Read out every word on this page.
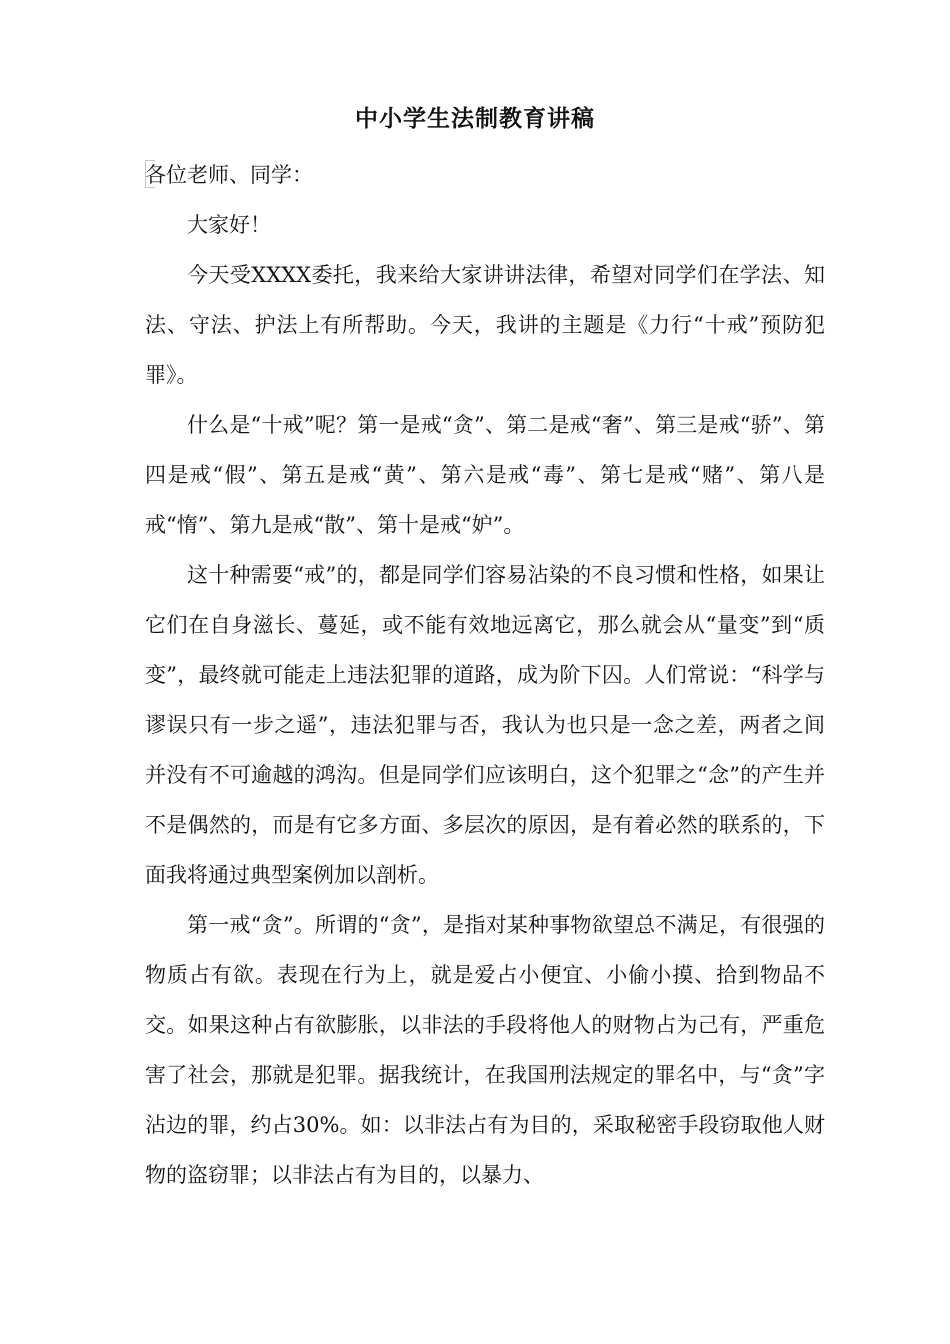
中小学生法制教育讲稿

各位老师、同学：

大家好！

今天受XXXX委托，我来给大家讲讲法律，希望对同学们在学法、知法、守法、护法上有所帮助。今天，我讲的主题是《力行“十戒”预防犯罪》。

什么是“十戒”呢？第一是戒“贪”、第二是戒“奢”、第三是戒“骄”、第四是戒“假”、第五是戒“黄”、第六是戒“毒”、第七是戒“赌”、第八是戒“惰”、第九是戒“散”、第十是戒“妒”。

这十种需要“戒”的，都是同学们容易沾染的不良习惯和性格，如果让它们在自身滋长、蔓延，或不能有效地远离它，那么就会从“量变”到“质变”，最终就可能走上违法犯罪的道路，成为阶下囚。人们常说：“科学与谬误只有一步之遥”，违法犯罪与否，我认为也只是一念之差，两者之间并没有不可逾越的鸿沟。但是同学们应该明白，这个犯罪之“念”的产生并不是偶然的，而是有它多方面、多层次的原因，是有着必然的联系的，下面我将通过典型案例加以剖析。

第一戒“贪”。所谓的“贪”，是指对某种事物欲望总不满足，有很强的物质占有欲。表现在行为上，就是爱占小便宜、小偷小摸、拾到物品不交。如果这种占有欲膨胀，以非法的手段将他人的财物占为己有，严重危害了社会，那就是犯罪。据我统计，在我国刑法规定的罪名中，与“贪”字沾边的罪，约占30%。如：以非法占有为目的，采取秘密手段窃取他人财物的盗窃罪；以非法占有为目的，以暴力、
